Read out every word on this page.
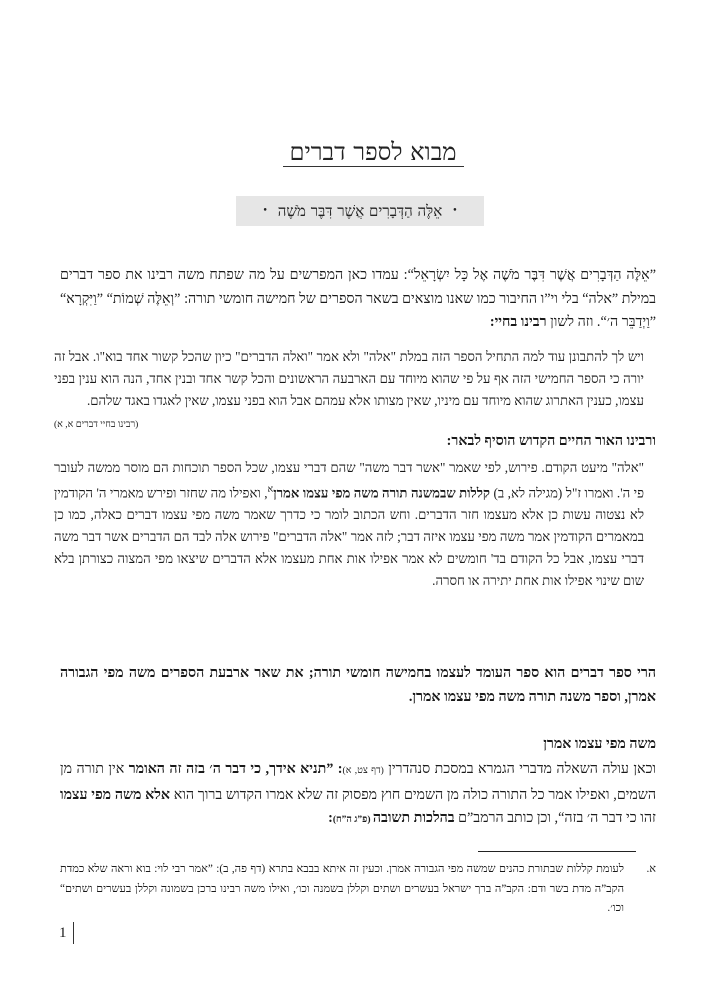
מבוא לספר דברים
•
אֵלֶּה הַדְּבָרִים אֲשֶׁר דִּבֶּר מֹשֶׁה
•
”אֵלֶּה הַדְּבָרִים אֲשֶׁר דִּבֶּר מֹשֶׁה אֶל כָּל יִשְׂרָאֵל“: עמדו כאן המפרשים על מה שפתח משה רבינו את ספר דברים במילת ”אלה“ בלי וי”ו החיבור כמו שאנו מוצאים בשאר הספרים של חמישה חומשי תורה: ”וְאֵלֶּה שְׁמוֹת“ ”וַיִּקְרָא“ ”וַיְדַבֵּר ה׳“. וזה לשון רבינו בחיי:
ויש לך להתבונן עוד למה התחיל הספר הזה במלת "אלה" ולא אמר "ואלה הדברים" כיון שהכל קשור אחד בוא"ו. אבל זה יורה כי הספר החמישי הזה אף על פי שהוא מיוחד עם הארבעה הראשונים והכל קשר אחד ובנין אחד, הנה הוא ענין בפני עצמו, כענין האתרוג שהוא מיוחד עם מיניו, שאין מצותו אלא עמהם אבל הוא בפני עצמו, שאין לאגדו באגד שלהם.
(רבינו בחיי דברים א, א)
ורבינו האור החיים הקדוש הוסיף לבאר:
"אלה" מיעט הקודם. פירוש, לפי שאמר "אשר דבר משה" שהם דברי עצמו, שכל הספר תוכחות הם מוסר ממשה לעובר פי ה'. ואמרו ז"ל (מגילה לא, ב) קללות שבמשנה תורה משה מפי עצמו אמרן$^א$, ואפילו מה שחזר ופירש מאמרי ה' הקודמין לא נצטוה עשות כן אלא מעצמו חזר הדברים. וחש הכתוב לומר כי כדרך שאמר משה מפי עצמו דברים כאלה, כמו כן במאמרים הקודמין אמר משה מפי עצמו איזה דבר; לזה אמר "אלה הדברים" פירוש אלה לבד הם הדברים אשר דבר משה דברי עצמו, אבל כל הקודם בד' חומשים לא אמר אפילו אות אחת מעצמו אלא הדברים שיצאו מפי המצוה כצורתן בלא שום שינוי אפילו אות אחת יתירה או חסרה.
הרי ספר דברים הוא ספר העומד לעצמו בחמישה חומשי תורה; את שאר ארבעת הספרים משה מפי הגבורה אמרן, וספר משנה תורה משה מפי עצמו אמרן.
משה מפי עצמו אמרן
וכאן עולה השאלה מדברי הגמרא במסכת סנהדרין (דף צט, א): ”תניא אידך, כי דבר ה׳ בזה זה האומר אין תורה מן השמים, ואפילו אמר כל התורה כולה מן השמים חוץ מפסוק זה שלא אמרו הקדוש ברוך הוא אלא משה מפי עצמו זהו כי דבר ה׳ בזה“, וכן כותב הרמב”ם בהלכות תשובה (פ”ג ה”ח):
א.
לעומת קללות שבתורת כהנים שמשה מפי הגבורה אמרן. וכעין זה איתא בבבא בתרא (דף פה, ב): ”אמר רבי לוי: בוא וראה שלא כמדת הקב”ה מדת בשר ודם: הקב”ה ברך ישראל בעשרים ושתים וקללן בשמנה וכו׳, ואילו משה רבינו ברכן בשמונה וקללן בעשרים ושתים“ וכו׳.
1
